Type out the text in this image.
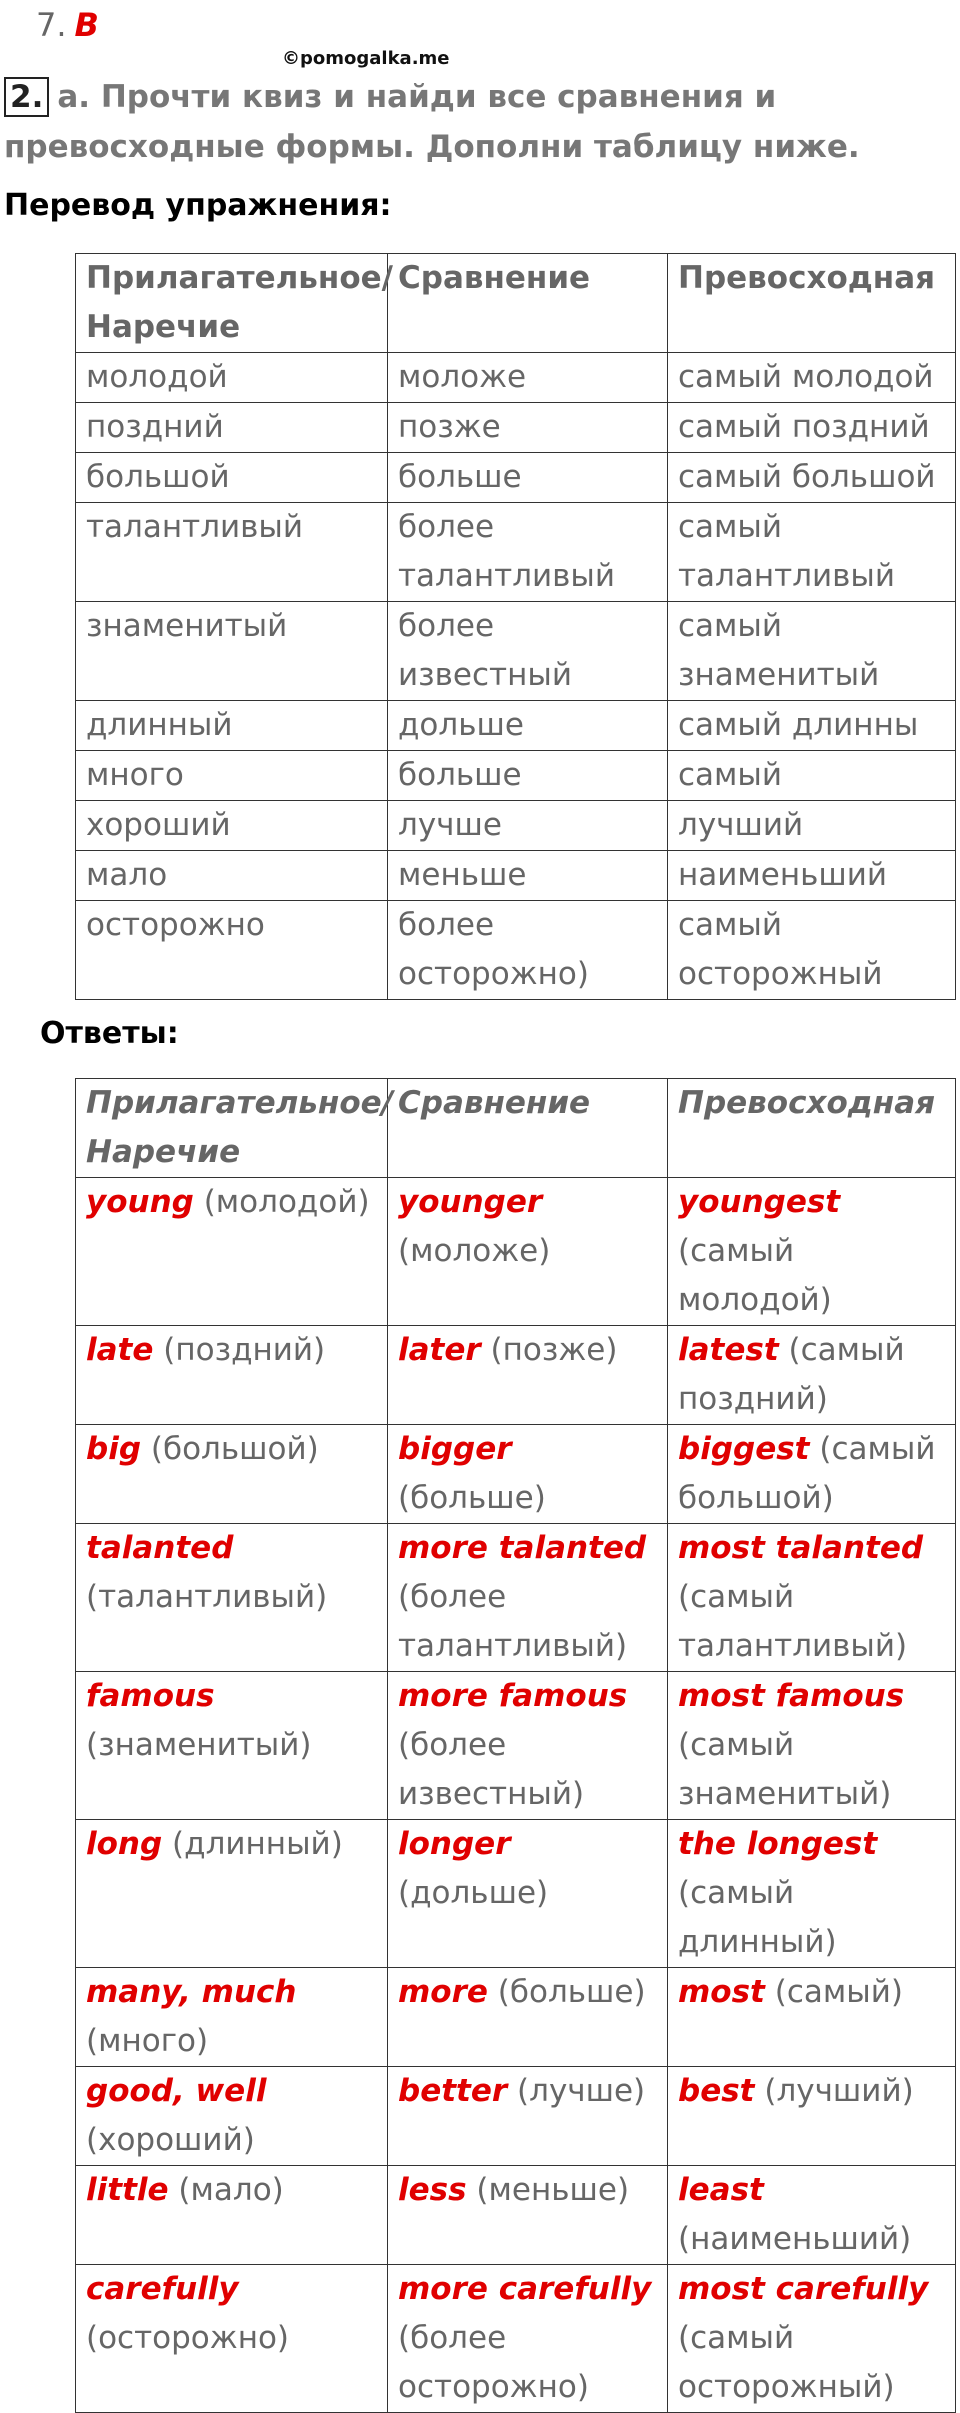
7. B
©pomogalka.me
2. a. Прочти квиз и найди все сравнения и превосходные формы. Дополни таблицу ниже.
Перевод упражнения:
Прилагательное/ Наречие	Сравнение	Превосходная
молодой	моложе	самый молодой
поздний	позже	самый поздний
большой	больше	самый большой
талантливый	более талантливый	самый талантливый
знаменитый	более известный	самый знаменитый
длинный	дольше	самый длинны
много	больше	самый
хороший	лучше	лучший
мало	меньше	наименьший
осторожно	более осторожно)	самый осторожный
Ответы:
Прилагательное/ Наречие	Сравнение	Превосходная
young (молодой)	younger (моложе)	youngest (самый молодой)
late (поздний)	later (позже)	latest (самый поздний)
big (большой)	bigger (больше)	biggest (самый большой)
talanted (талантливый)	more talanted (более талантливый)	most talanted (самый талантливый)
famous (знаменитый)	more famous (более известный)	most famous (самый знаменитый)
long (длинный)	longer (дольше)	the longest (самый длинный)
many, much (много)	more (больше)	most (самый)
good, well (хороший)	better (лучше)	best (лучший)
little (мало)	less (меньше)	least (наименьший)
carefully (осторожно)	more carefully (более осторожно)	most carefully (самый осторожный)
